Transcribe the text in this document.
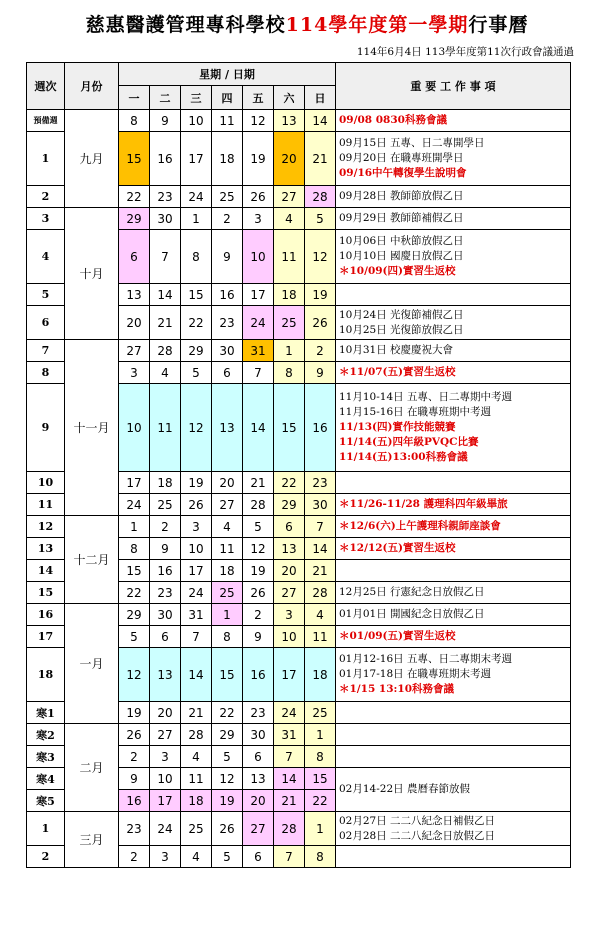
慈惠醫護管理專科學校114學年度第一學期行事曆
114年6月4日 113學年度第11次行政會議通過
週次	月份	星期 / 日期							重 要 工 作 事 項
		一	二	三	四	五	六	日	
預備週	九月	8	9	10	11	12	13	14	09/08 0830科務會議

1		15	16	17	18	19	20	21	09月15日 五專、日二專開學日
09月20日 在職專班開學日
09/16中午轉復學生說明會

2		22	23	24	25	26	27	28	09月28日 教師節放假乙日

3	十月	29	30	1	2	3	4	5	09月29日 教師節補假乙日

4		6	7	8	9	10	11	12	10月06日 中秋節放假乙日
10月10日 國慶日放假乙日
＊10/09(四)實習生返校

5		13	14	15	16	17	18	19	
6		20	21	22	23	24	25	26	10月24日 光復節補假乙日
10月25日 光復節放假乙日

7	十一月	27	28	29	30	31	1	2	10月31日 校慶慶祝大會

8		3	4	5	6	7	8	9	＊11/07(五)實習生返校

9		10	11	12	13	14	15	16	11月10-14日 五專、日二專期中考週
11月15-16日 在職專班期中考週
11/13(四)實作技能競賽
11/14(五)四年級PVQC比賽
11/14(五)13:00科務會議

10		17	18	19	20	21	22	23	
11		24	25	26	27	28	29	30	＊11/26-11/28 護理科四年級畢旅

12	十二月	1	2	3	4	5	6	7	＊12/6(六)上午護理科親師座談會

13		8	9	10	11	12	13	14	＊12/12(五)實習生返校

14		15	16	17	18	19	20	21	
15		22	23	24	25	26	27	28	12月25日 行憲紀念日放假乙日

16	一月	29	30	31	1	2	3	4	01月01日 開國紀念日放假乙日

17		5	6	7	8	9	10	11	＊01/09(五)實習生返校

18		12	13	14	15	16	17	18	01月12-16日 五專、日二專期末考週
01月17-18日 在職專班期末考週
＊1/15 13:10科務會議

寒1		19	20	21	22	23	24	25	
寒2	二月	26	27	28	29	30	31	1	
寒3		2	3	4	5	6	7	8	
寒4		9	10	11	12	13	14	15	02月14-22日 農曆春節放假

寒5		16	17	18	19	20	21	22	
1	三月	23	24	25	26	27	28	1	02月27日 二二八紀念日補假乙日
02月28日 二二八紀念日放假乙日

2		2	3	4	5	6	7	8	
